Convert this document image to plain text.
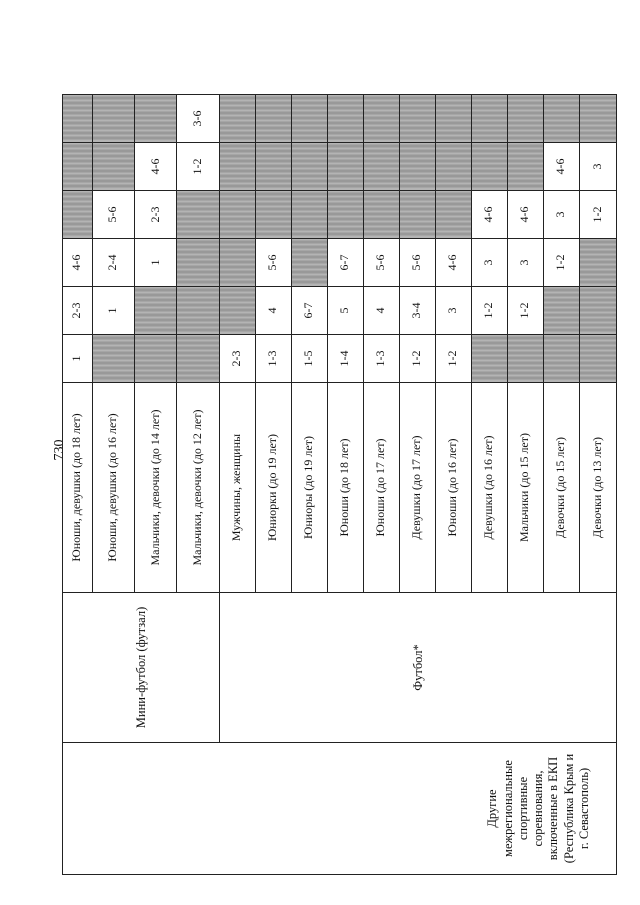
730
Другие межрегиональные спортивные соревнования, включенные в ЕКП (Республика Крым и г. Севастополь)	Мини-футбол (футзал)	Юноши, девушки (до 18 лет)	1	2-3	4-6			
		Юноши, девушки (до 16 лет)		1	2-4	5-6		
		Мальчики, девочки (до 14 лет)			1	2-3	4-6	
		Мальчики, девочки (до 12 лет)					1-2	3-6
	Футбол*	Мужчины, женщины	2-3					
		Юниорки (до 19 лет)	1-3	4	5-6			
		Юниоры (до 19 лет)	1-5	6-7				
		Юноши (до 18 лет)	1-4	5	6-7			
		Юноши (до 17 лет)	1-3	4	5-6			
		Девушки (до 17 лет)	1-2	3-4	5-6			
		Юноши (до 16 лет)	1-2	3	4-6			
		Девушки (до 16 лет)		1-2	3	4-6		
		Мальчики (до 15 лет)		1-2	3	4-6		
		Девочки (до 15 лет)			1-2	3	4-6	
		Девочки (до 13 лет)				1-2	3	
